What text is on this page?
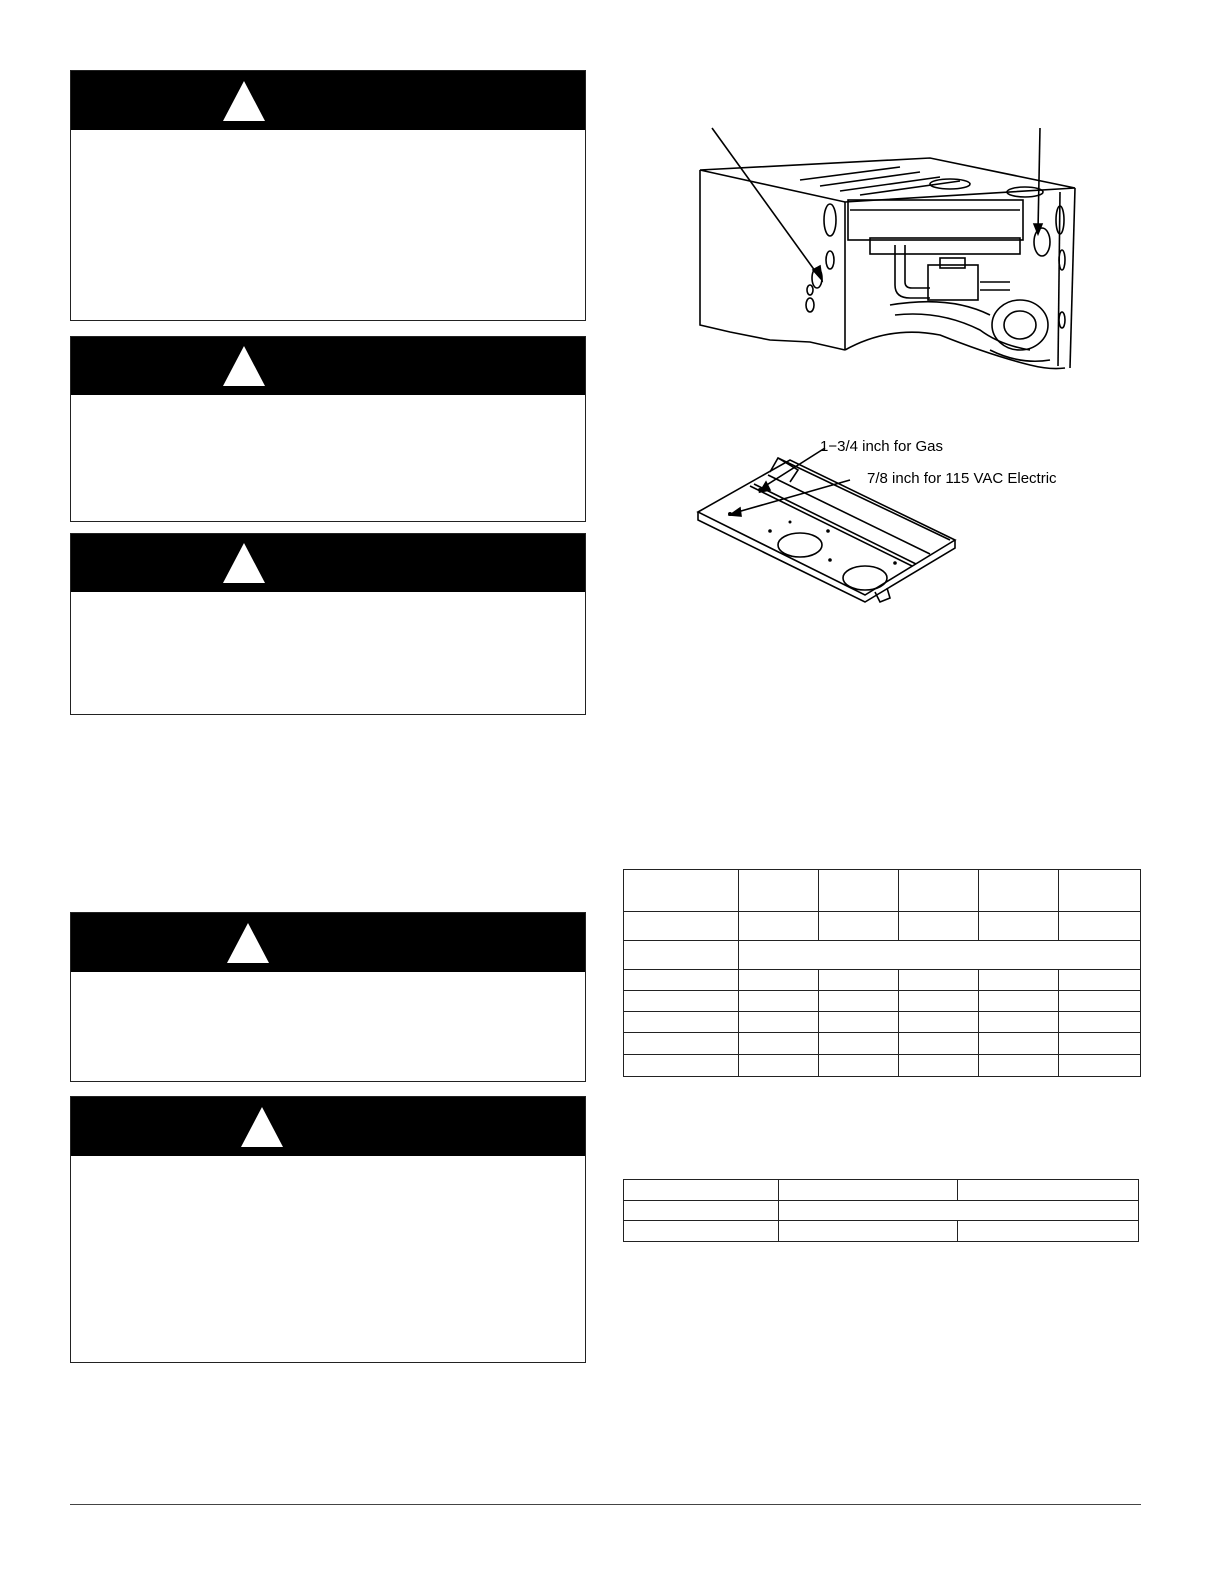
1−3/4 inch for Gas
7/8 inch for 115 VAC Electric
